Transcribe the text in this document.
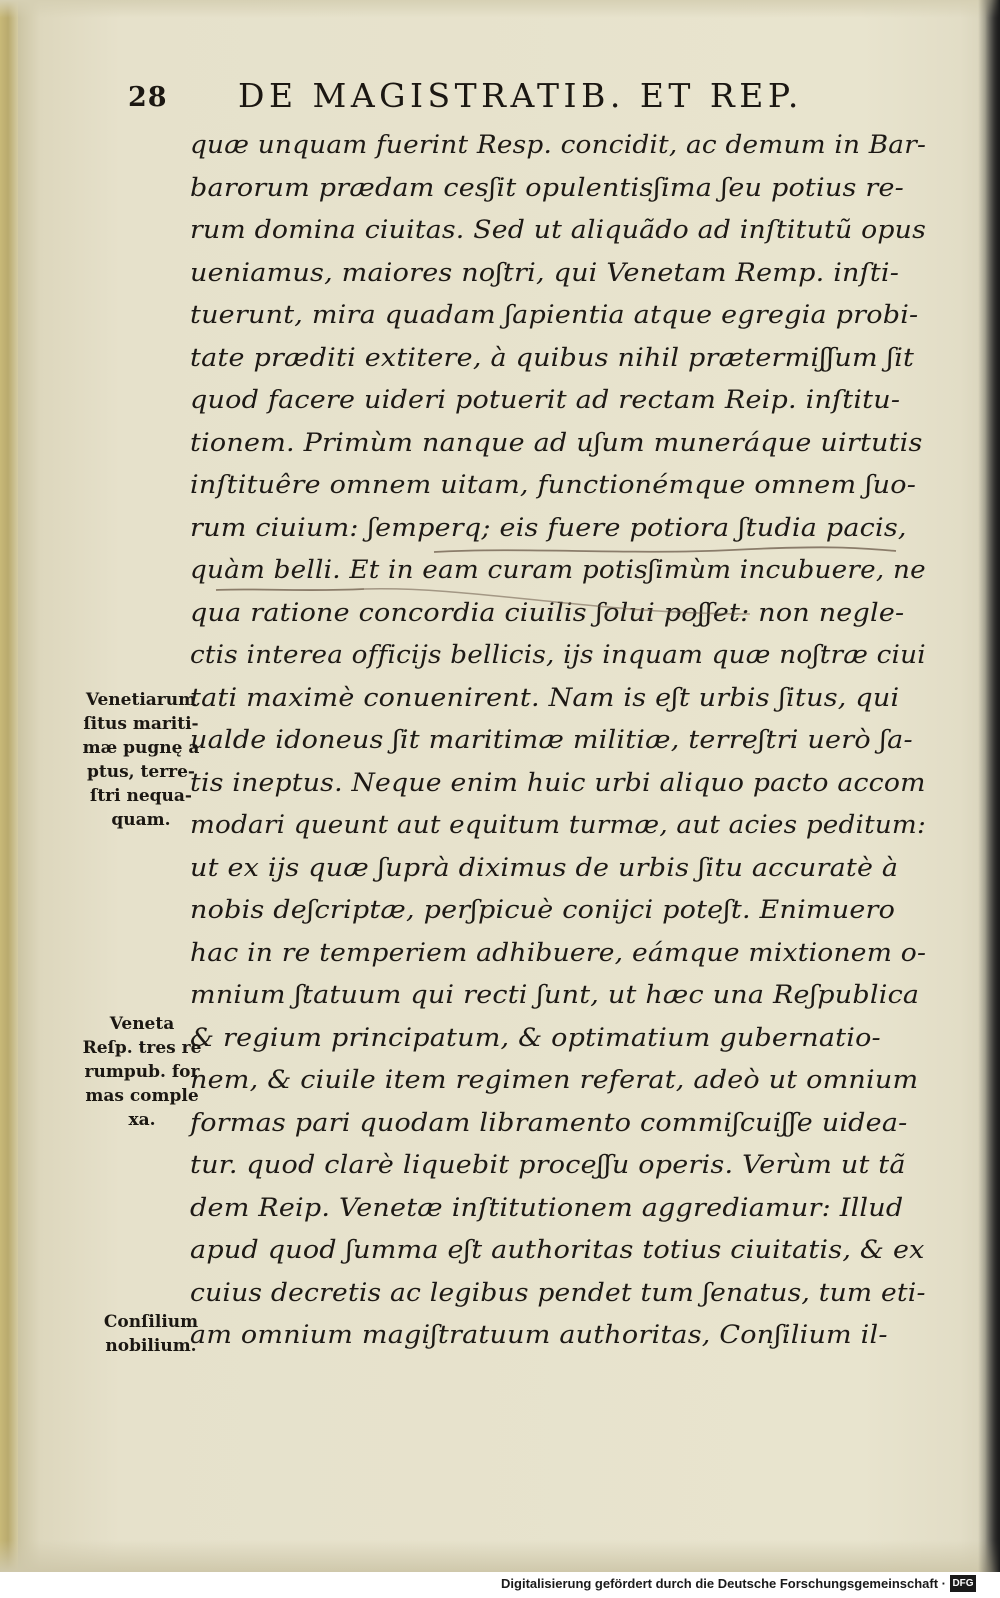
28 DE MAGISTRATIB. ET REP.
quæ unquam fuerint Resp. concidit, ac demum in Bar-
barorum prædam cesʃit opulentisʃima ʃeu potius re-
rum domina ciuitas. Sed ut aliquãdo ad inſtitutũ opus
ueniamus, maiores noʃtri, qui Venetam Remp. inſti-
tuerunt, mira quadam ʃapientia atque egregia probi-
tate præditi extitere, à quibus nihil prætermiʃʃum ʃit
quod facere uideri potuerit ad rectam Reip. inſtitu-
tionem. Primùm nanque ad uʃum muneráque uirtutis
inſtituêre omnem uitam, functionémque omnem ʃuo-
rum ciuium: ʃemperq; eis fuere potiora ʃtudia pacis,
quàm belli. Et in eam curam potisʃimùm incubuere, ne
qua ratione concordia ciuilis ʃolui poʃʃet: non negle-
ctis interea officijs bellicis, ijs inquam quæ noʃtræ ciui
tati maximè conuenirent. Nam is eʃt urbis ʃitus, qui
ualde idoneus ʃit maritimæ militiæ, terreʃtri uerò ʃa-
tis ineptus. Neque enim huic urbi aliquo pacto accom
modari queunt aut equitum turmæ, aut acies peditum:
ut ex ijs quæ ʃuprà diximus de urbis ʃitu accuratè à
nobis deʃcriptæ, perʃpicuè conijci poteʃt. Enimuero
hac in re temperiem adhibuere, eámque mixtionem o-
mnium ʃtatuum qui recti ʃunt, ut hæc una Reʃpublica
& regium principatum, & optimatium gubernatio-
nem, & ciuile item regimen referat, adeò ut omnium
formas pari quodam libramento commiʃcuiʃʃe uidea-
tur. quod clarè liquebit proceʃʃu operis. Verùm ut tã
dem Reip. Venetæ inſtitutionem aggrediamur: Illud
apud quod ʃumma eʃt authoritas totius ciuitatis, & ex
cuius decretis ac legibus pendet tum ʃenatus, tum eti-
am omnium magiʃtratuum authoritas, Conʃilium il-
Venetiarum
ſitus mariti-
mæ pugnę a
ptus, terre-
ſtri nequa-
quam.
Veneta
Reſp. tres re
rumpub. for
mas comple
xa.
Conſilium
nobilium.
Digitalisierung gefördert durch die Deutsche Forschungsgemeinschaft · DFG
